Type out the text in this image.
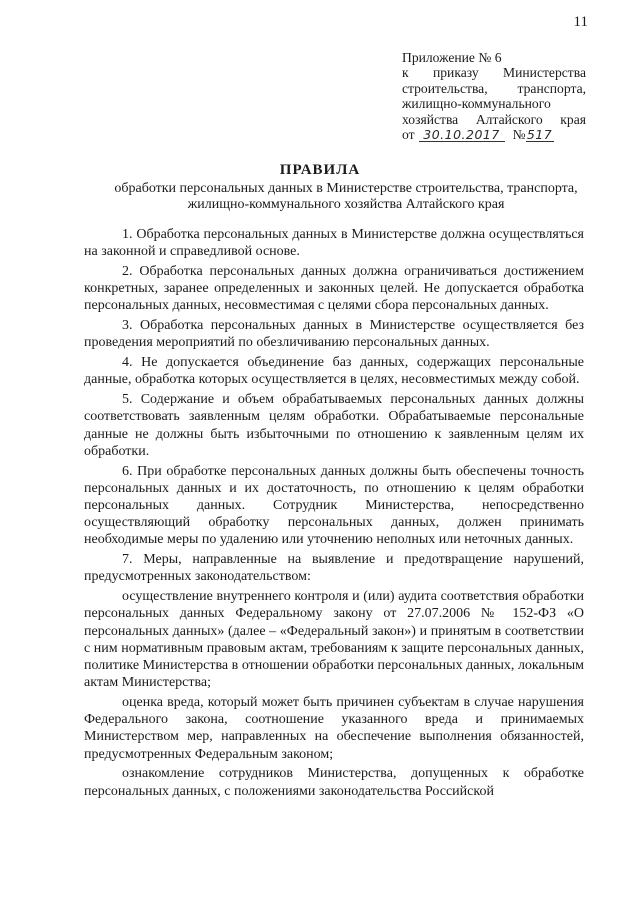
11
Приложение № 6
к приказу Министерства
строительства, транспорта,
жилищно-коммунального
хозяйства Алтайского края
от 30.10.2017 № 517
ПРАВИЛА
обработки персональных данных в Министерстве строительства, транспорта, жилищно-коммунального хозяйства Алтайского края

1. Обработка персональных данных в Министерстве должна осуществляться на законной и справедливой основе.

2. Обработка персональных данных должна ограничиваться достижением конкретных, заранее определенных и законных целей. Не допускается обработка персональных данных, несовместимая с целями сбора персональных данных.

3. Обработка персональных данных в Министерстве осуществляется без проведения мероприятий по обезличиванию персональных данных.

4. Не допускается объединение баз данных, содержащих персональные данные, обработка которых осуществляется в целях, несовместимых между собой.

5. Содержание и объем обрабатываемых персональных данных должны соответствовать заявленным целям обработки. Обрабатываемые персональные данные не должны быть избыточными по отношению к заявленным целям их обработки.

6. При обработке персональных данных должны быть обеспечены точность персональных данных и их достаточность, по отношению к целям обработки персональных данных. Сотрудник Министерства, непосредственно осуществляющий обработку персональных данных, должен принимать необходимые меры по удалению или уточнению неполных или неточных данных.

7. Меры, направленные на выявление и предотвращение нарушений, предусмотренных законодательством:

осуществление внутреннего контроля и (или) аудита соответствия обработки персональных данных Федеральному закону от 27.07.2006 № 152-ФЗ «О персональных данных» (далее – «Федеральный закон») и принятым в соответствии с ним нормативным правовым актам, требованиям к защите персональных данных, политике Министерства в отношении обработки персональных данных, локальным актам Министерства;

оценка вреда, который может быть причинен субъектам в случае нарушения Федерального закона, соотношение указанного вреда и принимаемых Министерством мер, направленных на обеспечение выполнения обязанностей, предусмотренных Федеральным законом;

ознакомление сотрудников Министерства, допущенных к обработке персональных данных, с положениями законодательства Российской
